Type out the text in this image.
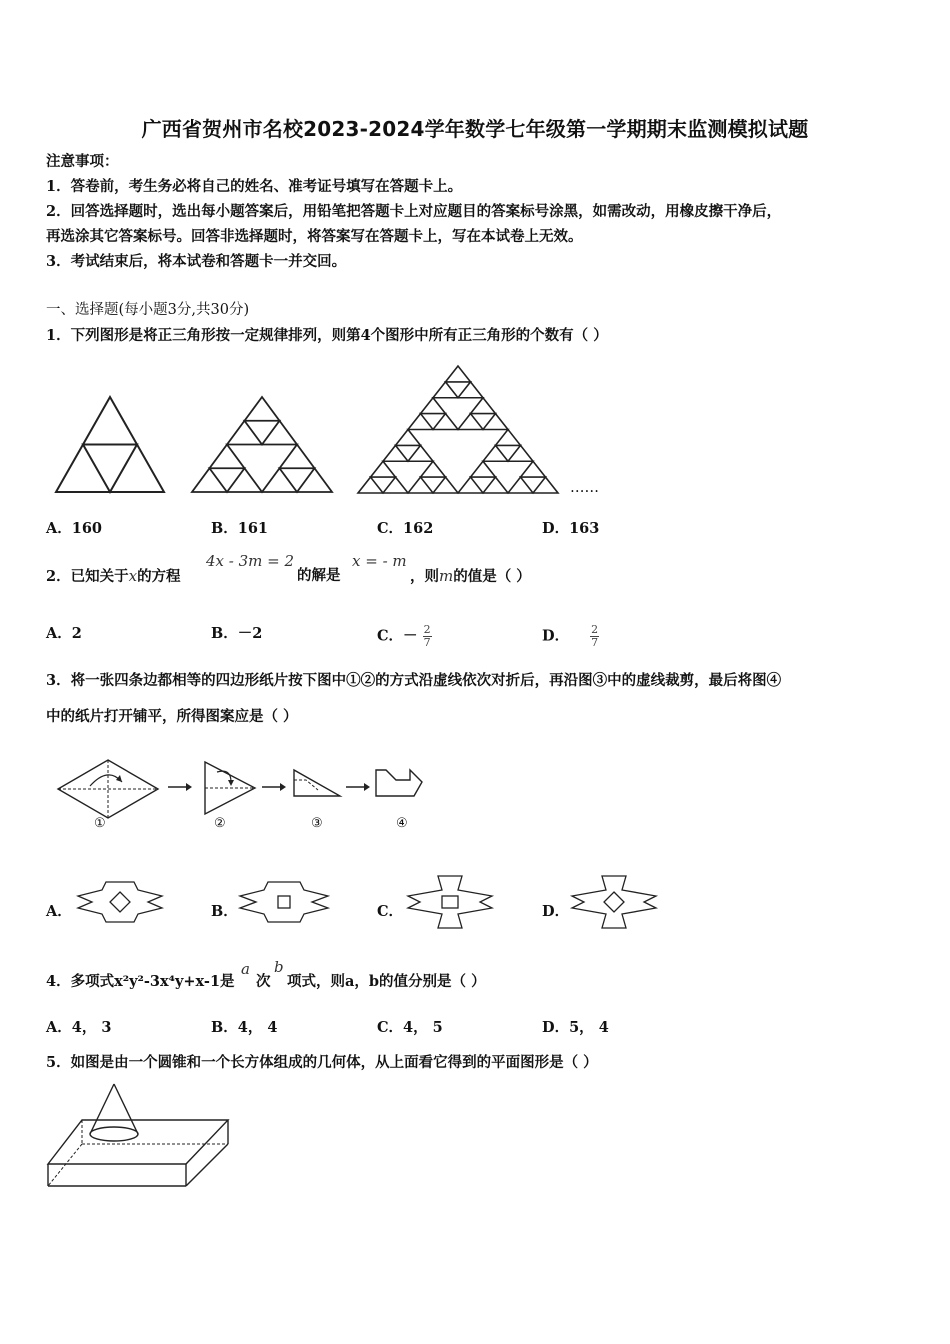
广西省贺州市名校2023-2024学年数学七年级第一学期期末监测模拟试题
注意事项：
1．答卷前，考生务必将自己的姓名、准考证号填写在答题卡上。
2．回答选择题时，选出每小题答案后，用铅笔把答题卡上对应题目的答案标号涂黑，如需改动，用橡皮擦干净后，
再选涂其它答案标号。回答非选择题时，将答案写在答题卡上，写在本试卷上无效。
3．考试结束后，将本试卷和答题卡一并交回。
一、选择题(每小题3分,共30分)
1．下列图形是将正三角形按一定规律排列，则第4个图形中所有正三角形的个数有（ ）
……
A．160	B．161	C．162	D．163
2．已知关于x的方程
4x - 3m = 2
的解是
x = - m
，则m的值是（ ）
A．2	B．－2	C．－ $\frac{2}{7}$	D． $\frac{2}{7}$
3．将一张四条边都相等的四边形纸片按下图中①②的方式沿虚线依次对折后，再沿图③中的虚线裁剪，最后将图④
中的纸片打开铺平，所得图案应是（ ）
①	②	③	④
A．	B．	C．	D．
4．多项式x²y²-3x⁴y+x-1是
a
次
b
项式，则a，b的值分别是（ ）
A．4， 3	B．4， 4	C．4， 5	D．5， 4
5．如图是由一个圆锥和一个长方体组成的几何体，从上面看它得到的平面图形是（ ）
